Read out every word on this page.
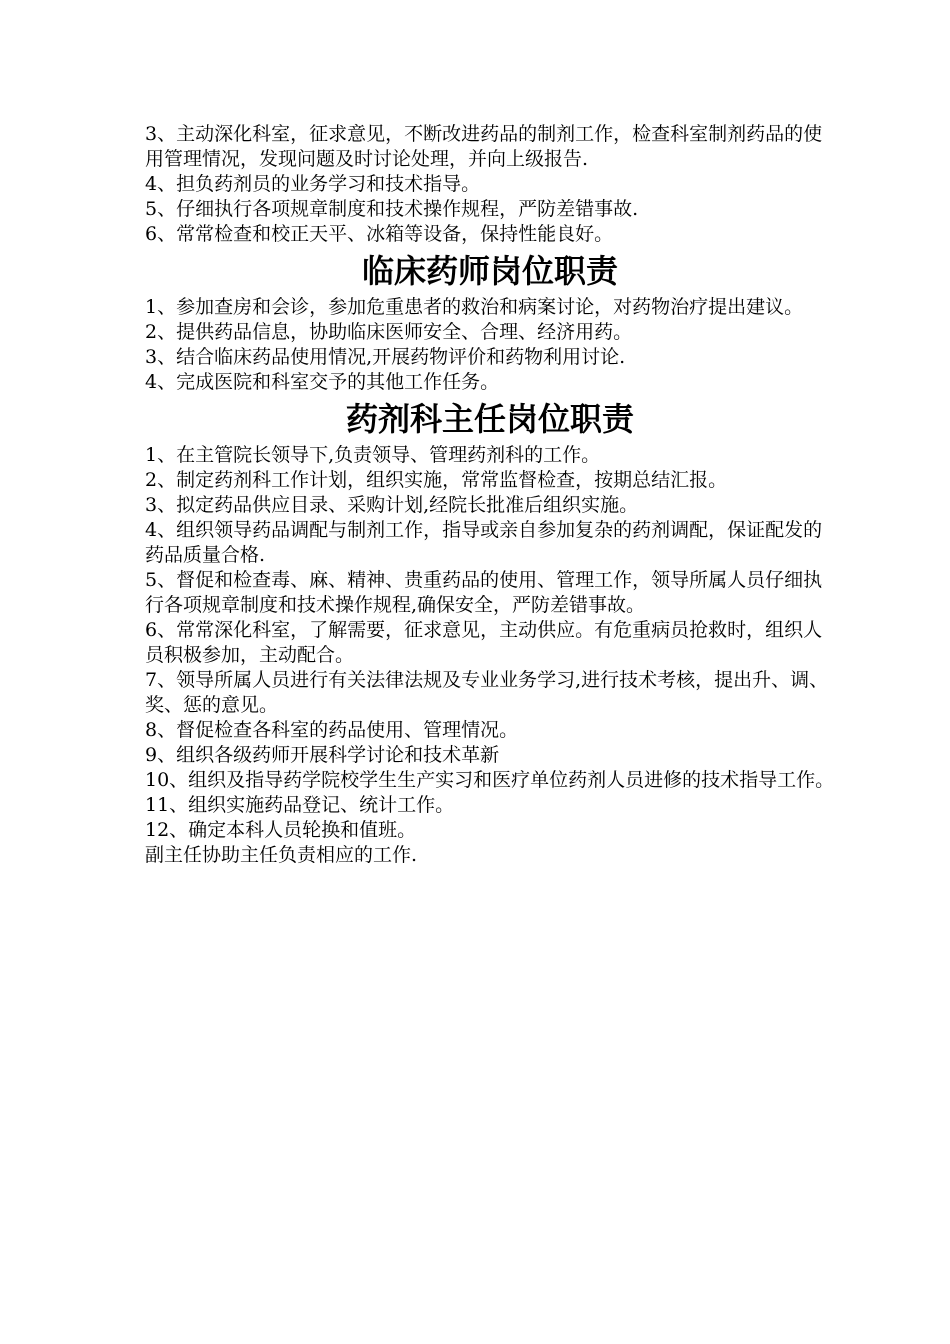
3、主动深化科室，征求意见，不断改进药品的制剂工作，检查科室制剂药品的使用管理情况，发现问题及时讨论处理，并向上级报告.

4、担负药剂员的业务学习和技术指导。

5、仔细执行各项规章制度和技术操作规程，严防差错事故.

6、常常检查和校正天平、冰箱等设备，保持性能良好。

临床药师岗位职责

1、参加查房和会诊，参加危重患者的救治和病案讨论，对药物治疗提出建议。

2、提供药品信息，协助临床医师安全、合理、经济用药。

3、结合临床药品使用情况,开展药物评价和药物利用讨论.

4、完成医院和科室交予的其他工作任务。

药剂科主任岗位职责

1、在主管院长领导下,负责领导、管理药剂科的工作。

2、制定药剂科工作计划，组织实施，常常监督检查，按期总结汇报。

3、拟定药品供应目录、采购计划,经院长批准后组织实施。

4、组织领导药品调配与制剂工作，指导或亲自参加复杂的药剂调配，保证配发的药品质量合格.

5、督促和检查毒、麻、精神、贵重药品的使用、管理工作，领导所属人员仔细执行各项规章制度和技术操作规程,确保安全，严防差错事故。

6、常常深化科室，了解需要，征求意见，主动供应。有危重病员抢救时，组织人员积极参加，主动配合。

7、领导所属人员进行有关法律法规及专业业务学习,进行技术考核，提出升、调、奖、惩的意见。

8、督促检查各科室的药品使用、管理情况。

9、组织各级药师开展科学讨论和技术革新

10、组织及指导药学院校学生生产实习和医疗单位药剂人员进修的技术指导工作。

11、组织实施药品登记、统计工作。

12、确定本科人员轮换和值班。

副主任协助主任负责相应的工作.
